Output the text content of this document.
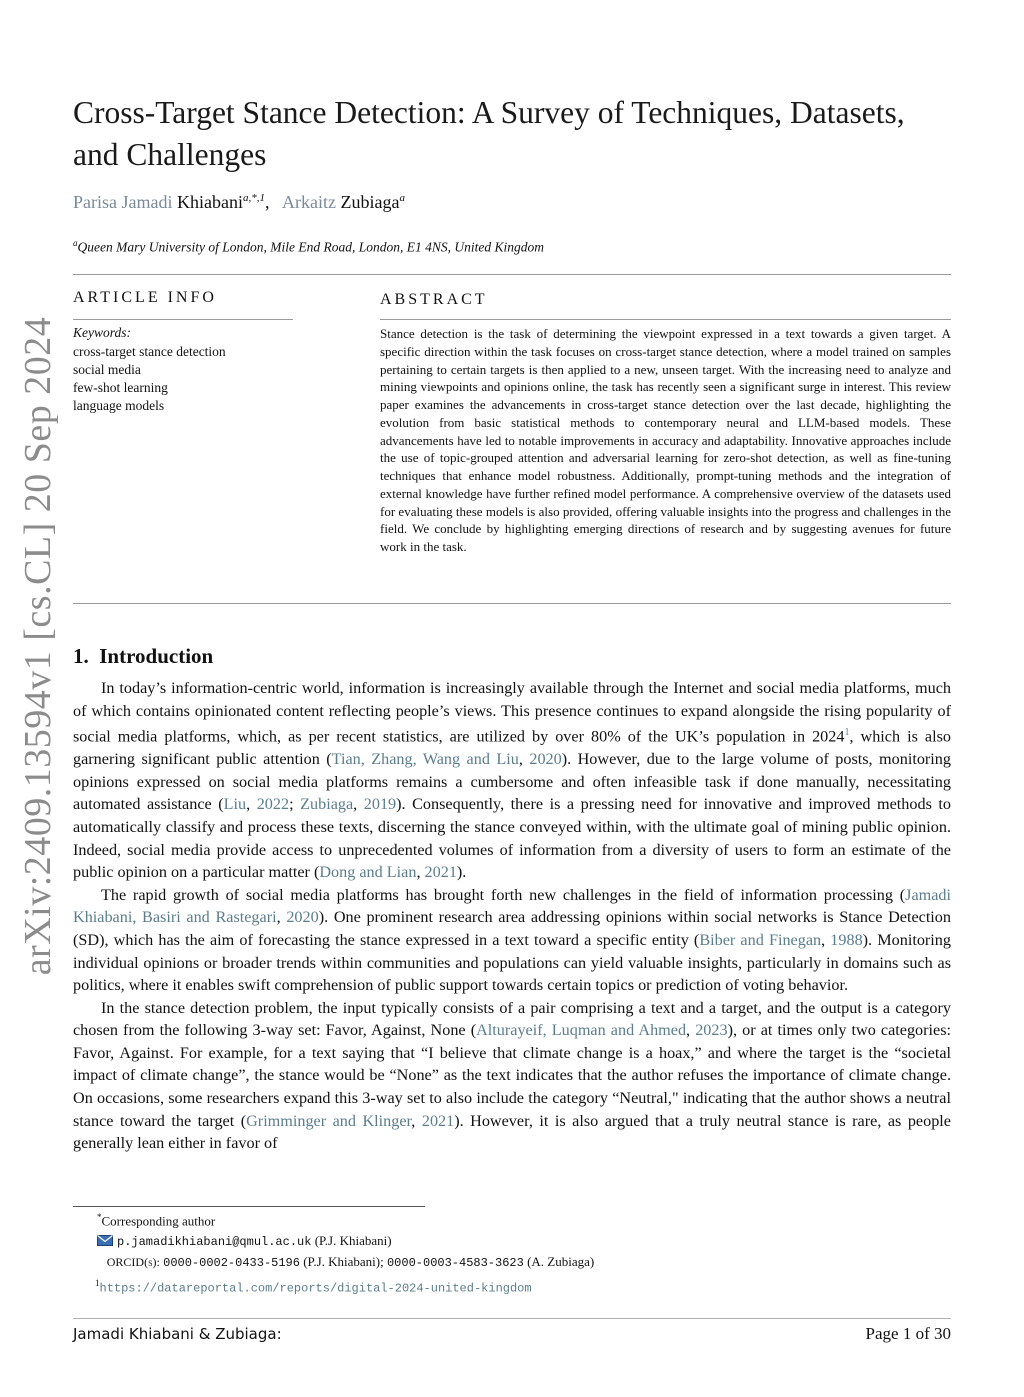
arXiv:2409.13594v1 [cs.CL] 20 Sep 2024
Cross-Target Stance Detection: A Survey of Techniques, Datasets, and Challenges
Parisa Jamadi Khiabani$^{a,*,1}$,   Arkaitz Zubiaga$^a$
$^a$Queen Mary University of London, Mile End Road, London, E1 4NS, United Kingdom
ARTICLE INFO
Keywords:
cross-target stance detection
social media
few-shot learning
language models
ABSTRACT
Stance detection is the task of determining the viewpoint expressed in a text towards a given target. A specific direction within the task focuses on cross-target stance detection, where a model trained on samples pertaining to certain targets is then applied to a new, unseen target. With the increasing need to analyze and mining viewpoints and opinions online, the task has recently seen a significant surge in interest. This review paper examines the advancements in cross-target stance detection over the last decade, highlighting the evolution from basic statistical methods to contemporary neural and LLM-based models. These advancements have led to notable improvements in accuracy and adaptability. Innovative approaches include the use of topic-grouped attention and adversarial learning for zero-shot detection, as well as fine-tuning techniques that enhance model robustness. Additionally, prompt-tuning methods and the integration of external knowledge have further refined model performance. A comprehensive overview of the datasets used for evaluating these models is also provided, offering valuable insights into the progress and challenges in the field. We conclude by highlighting emerging directions of research and by suggesting avenues for future work in the task.
1. Introduction

In today’s information-centric world, information is increasingly available through the Internet and social media platforms, much of which contains opinionated content reflecting people’s views. This presence continues to expand alongside the rising popularity of social media platforms, which, as per recent statistics, are utilized by over 80% of the UK’s population in 2024$^1$, which is also garnering significant public attention (Tian, Zhang, Wang and Liu, 2020). However, due to the large volume of posts, monitoring opinions expressed on social media platforms remains a cumbersome and often infeasible task if done manually, necessitating automated assistance (Liu, 2022; Zubiaga, 2019). Consequently, there is a pressing need for innovative and improved methods to automatically classify and process these texts, discerning the stance conveyed within, with the ultimate goal of mining public opinion. Indeed, social media provide access to unprecedented volumes of information from a diversity of users to form an estimate of the public opinion on a particular matter (Dong and Lian, 2021).

The rapid growth of social media platforms has brought forth new challenges in the field of information processing (Jamadi Khiabani, Basiri and Rastegari, 2020). One prominent research area addressing opinions within social networks is Stance Detection (SD), which has the aim of forecasting the stance expressed in a text toward a specific entity (Biber and Finegan, 1988). Monitoring individual opinions or broader trends within communities and populations can yield valuable insights, particularly in domains such as politics, where it enables swift comprehension of public support towards certain topics or prediction of voting behavior.

In the stance detection problem, the input typically consists of a pair comprising a text and a target, and the output is a category chosen from the following 3-way set: Favor, Against, None (Alturayeif, Luqman and Ahmed, 2023), or at times only two categories: Favor, Against. For example, for a text saying that “I believe that climate change is a hoax,” and where the target is the “societal impact of climate change”, the stance would be “None” as the text indicates that the author refuses the importance of climate change. On occasions, some researchers expand this 3-way set to also include the category “Neutral," indicating that the author shows a neutral stance toward the target (Grimminger and Klinger, 2021). However, it is also argued that a truly neutral stance is rare, as people generally lean either in favor of

*Corresponding author
p.jamadikhiabani@qmul.ac.uk (P.J. Khiabani)
ORCID(s): 0000-0002-0433-5196 (P.J. Khiabani); 0000-0003-4583-3623 (A. Zubiaga)
$^1$https://datareportal.com/reports/digital-2024-united-kingdom
Jamadi Khiabani & Zubiaga:	Page 1 of 30
